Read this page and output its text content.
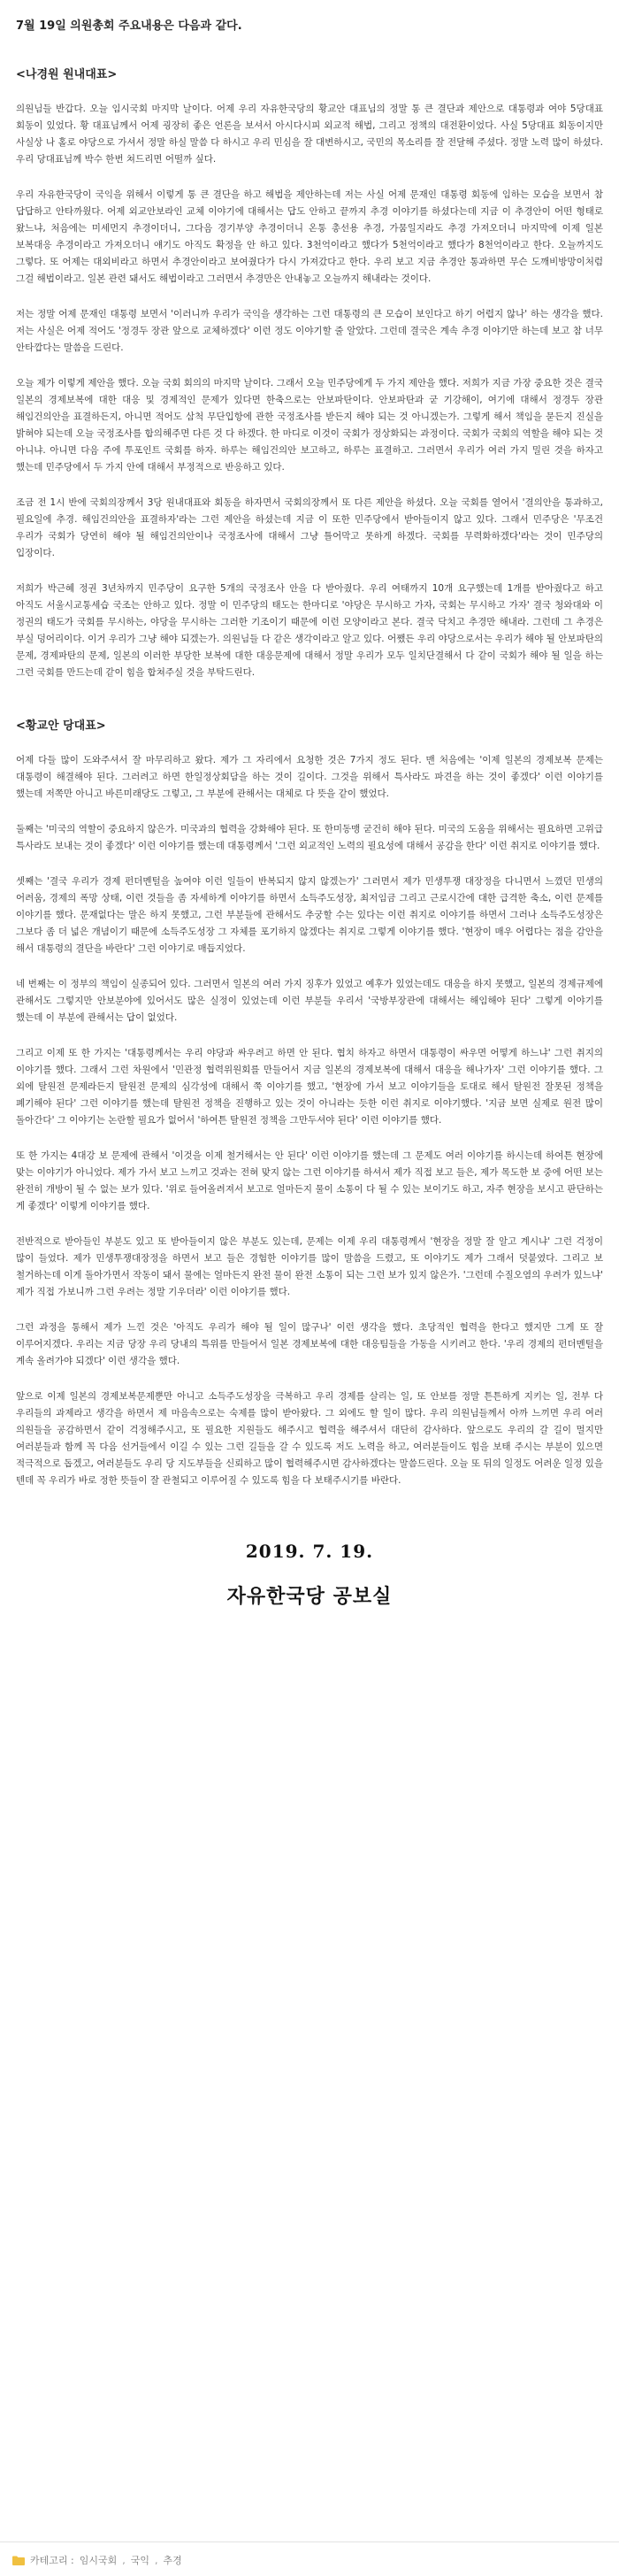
7월 19일 의원총회 주요내용은 다음과 같다.
<나경원 원내대표>

의원님들 반갑다. 오늘 임시국회 마지막 날이다. 어제 우리 자유한국당의 황교안 대표님의 정말 통 큰 결단과 제안으로 대통령과 여야 5당대표 회동이 있었다. 황 대표님께서 어제 굉장히 좋은 언론을 보셔서 아시다시피 외교적 해법, 그리고 정책의 대전환이었다. 사실 5당대표 회동이지만 사실상 나 홀로 야당으로 가셔서 정말 하실 말씀 다 하시고 우리 민심을 잘 대변하시고, 국민의 목소리를 잘 전달해 주셨다. 정말 노력 많이 하셨다. 우리 당대표님께 박수 한번 쳐드리면 어떨까 싶다.

우리 자유한국당이 국익을 위해서 이렇게 통 큰 결단을 하고 해법을 제안하는데 저는 사실 어제 문재인 대통령 회동에 임하는 모습을 보면서 참 답답하고 안타까웠다. 어제 외교안보라인 교체 이야기에 대해서는 답도 안하고 끝까지 추경 이야기를 하셨다는데 지금 이 추경안이 어떤 형태로 왔느냐, 처음에는 미세먼지 추경이더니, 그다음 경기부양 추경이더니 온통 총선용 추경, 가뭄일지라도 추경 가져오더니 마지막에 이제 일본 보복대응 추경이라고 가져오더니 얘기도 아직도 확정을 안 하고 있다. 3천억이라고 했다가 5천억이라고 했다가 8천억이라고 한다. 오늘까지도 그렇다. 또 어제는 대외비라고 하면서 추경안이라고 보여줬다가 다시 가져갔다고 한다. 우리 보고 지금 추경안 통과하면 무슨 도깨비방망이처럼 그걸 해법이라고. 일본 관련 돼서도 해법이라고 그러면서 추경만은 안내놓고 오늘까지 해내라는 것이다.

저는 정말 어제 문재인 대통령 보면서 '이러니까 우리가 국익을 생각하는 그런 대통령의 큰 모습이 보인다고 하기 어렵지 않나' 하는 생각을 했다. 저는 사실은 어제 적어도 '정경두 장관 앞으로 교체하겠다' 이런 정도 이야기할 줄 알았다. 그런데 결국은 계속 추경 이야기만 하는데 보고 참 너무 안타깝다는 말씀을 드린다.

오늘 제가 이렇게 제안을 했다. 오늘 국회 회의의 마지막 날이다. 그래서 오늘 민주당에게 두 가지 제안을 했다. 저희가 지금 가장 중요한 것은 결국 일본의 경제보복에 대한 대응 및 경제적인 문제가 있다면 한축으로는 안보파탄이다. 안보파탄과 굳 기강해이, 여기에 대해서 정경두 장관 해임건의안을 표결하든지, 아니면 적어도 삼척 무단입항에 관한 국정조사를 받든지 해야 되는 것 아니겠는가. 그렇게 해서 책임을 묻든지 진실을 밝혀야 되는데 오늘 국정조사를 합의해주면 다른 것 다 하겠다. 한 마디로 이것이 국회가 정상화되는 과정이다. 국회가 국회의 역할을 해야 되는 것 아니냐. 아니면 다음 주에 투포인트 국회를 하자. 하루는 해임건의안 보고하고, 하루는 표결하고. 그러면서 우리가 여러 가지 밀린 것을 하자고 했는데 민주당에서 두 가지 안에 대해서 부정적으로 반응하고 있다.

조금 전 1시 반에 국회의장께서 3당 원내대표와 회동을 하자면서 국회의장께서 또 다른 제안을 하셨다. 오늘 국회를 열어서 '결의안을 통과하고, 필요일에 추경. 해임건의안을 표결하자'라는 그런 제안을 하셨는데 지금 이 또한 민주당에서 받아들이지 않고 있다. 그래서 민주당은 '무조건 우리가 국회가 당연히 해야 될 해임건의안이나 국정조사에 대해서 그냥 틀어막고 못하게 하겠다. 국회를 무력화하겠다'라는 것이 민주당의 입장이다.

저희가 박근혜 정권 3년차까지 민주당이 요구한 5개의 국정조사 안을 다 받아줬다. 우리 여태까지 10개 요구했는데 1개를 받아줬다고 하고 아직도 서울시교통세습 국조는 안하고 있다. 정말 이 민주당의 태도는 한마디로 '야당은 무시하고 가자, 국회는 무시하고 가자' 결국 청와대와 이 정권의 태도가 국회를 무시하는, 야당을 무시하는 그러한 기조이기 때문에 이런 모양이라고 본다. 결국 닥치고 추경만 해내라. 그런데 그 추경은 부실 덩어리이다. 이거 우리가 그냥 해야 되겠는가. 의원님들 다 같은 생각이라고 알고 있다. 어쨌든 우리 야당으로서는 우리가 해야 될 안보파탄의 문제, 경제파탄의 문제, 일본의 이러한 부당한 보복에 대한 대응문제에 대해서 정말 우리가 모두 일치단결해서 다 같이 국회가 해야 될 일을 하는 그런 국회를 만드는데 같이 힘을 합쳐주실 것을 부탁드린다.

<황교안 당대표>

어제 다들 많이 도와주셔서 잘 마무리하고 왔다. 제가 그 자리에서 요청한 것은 7가지 정도 된다. 맨 처음에는 '이제 일본의 경제보복 문제는 대통령이 해결해야 된다. 그러려고 하면 한일정상회담을 하는 것이 길이다. 그것을 위해서 특사라도 파견을 하는 것이 좋겠다' 이런 이야기를 했는데 저쪽만 아니고 바른미래당도 그렇고, 그 부분에 관해서는 대체로 다 뜻을 같이 했었다.

둘째는 '미국의 역할이 중요하지 않은가. 미국과의 협력을 강화해야 된다. 또 한미동맹 굳건히 해야 된다. 미국의 도움을 위해서는 필요하면 고위급 특사라도 보내는 것이 좋겠다' 이런 이야기를 했는데 대통령께서 '그런 외교적인 노력의 필요성에 대해서 공감을 한다' 이런 취지로 이야기를 했다.

셋째는 '결국 우리가 경제 펀더멘털을 높여야 이런 일들이 반복되지 않지 않겠는가' 그러면서 제가 민생투쟁 대장정을 다니면서 느꼈던 민생의 어려움, 경제의 폭망 상태, 이런 것들을 좀 자세하게 이야기를 하면서 소득주도성장, 최저임금 그리고 근로시간에 대한 급격한 축소, 이런 문제를 이야기를 했다. 문재없다는 말은 하지 못했고, 그런 부분들에 관해서도 추궁할 수는 있다는 이런 취지로 이야기를 하면서 그러나 소득주도성장은 그보다 좀 더 넓은 개념이기 때문에 소득주도성장 그 자체를 포기하지 않겠다는 취지로 그렇게 이야기를 했다. '현장이 매우 어렵다는 점을 감안을 해서 대통령의 결단을 바란다' 그런 이야기로 매듭지었다.

네 번째는 이 정부의 책임이 실종되어 있다. 그러면서 일본의 여러 가지 징후가 있었고 예후가 있었는데도 대응을 하지 못했고, 일본의 경제규제에 관해서도 그렇지만 안보분야에 있어서도 많은 실정이 있었는데 이런 부분들 우리서 '국방부장관에 대해서는 해임해야 된다' 그렇게 이야기를 했는데 이 부분에 관해서는 답이 없었다.

그리고 이제 또 한 가지는 '대통령께서는 우리 야당과 싸우려고 하면 안 된다. 협치 하자고 하면서 대통령이 싸우면 어떻게 하느냐' 그런 취지의 이야기를 했다. 그래서 그런 차원에서 '민관정 협력위원회를 만들어서 지금 일본의 경제보복에 대해서 대응을 해나가자' 그런 이야기를 했다. 그 외에 탈원전 문제라든지 탈원전 문제의 심각성에 대해서 쭉 이야기를 했고, '현장에 가서 보고 이야기들을 토대로 해서 탈원전 잘못된 정책을 폐기해야 된다' 그런 이야기를 했는데 탈원전 정책을 진행하고 있는 것이 아니라는 듯한 이런 취지로 이야기했다. '지금 보면 실제로 원전 많이 돌아간다' 그 이야기는 논란할 필요가 없어서 '하여튼 탈원전 정책을 그만두셔야 된다' 이런 이야기를 했다.

또 한 가지는 4대강 보 문제에 관해서 '이것을 이제 철거해서는 안 된다' 이런 이야기를 했는데 그 문제도 여러 이야기를 하시는데 하여튼 현장에 맞는 이야기가 아니었다. 제가 가서 보고 느끼고 것과는 전혀 맞지 않는 그런 이야기를 하셔서 제가 직접 보고 들은, 제가 목도한 보 중에 어떤 보는 완전히 개방이 될 수 없는 보가 있다. '위로 들어올려져서 보고로 얼마든지 물이 소통이 다 될 수 있는 보이기도 하고, 자주 현장을 보시고 판단하는 게 좋겠다' 이렇게 이야기를 했다.

전반적으로 받아들인 부분도 있고 또 받아들이지 않은 부분도 있는데, 문제는 이제 우리 대통령께서 '현장을 정말 잘 알고 계시냐' 그런 걱정이 많이 들었다. 제가 민생투쟁대장정을 하면서 보고 들은 경험한 이야기를 많이 말씀을 드렸고, 또 이야기도 제가 그래서 덧붙였다. 그리고 보 철거하는데 이게 돌아가면서 작동이 돼서 물에는 얼마든지 완전 물이 완전 소통이 되는 그런 보가 있지 않은가. '그런데 수질오염의 우려가 있느냐' 제가 직접 가보니까 그런 우려는 정말 기우더라' 이런 이야기를 했다.

그런 과정을 통해서 제가 느낀 것은 '아직도 우리가 해야 될 일이 많구나' 이런 생각을 했다. 초당적인 협력을 한다고 했지만 그게 또 잘 이루어지겠다. 우리는 지금 당장 우리 당내의 특위를 만들어서 일본 경제보복에 대한 대응팀들을 가동을 시키려고 한다. '우리 경제의 펀더멘털을 계속 올려가야 되겠다' 이런 생각을 했다.

앞으로 이제 일본의 경제보복문제뿐만 아니고 소득주도성장을 극복하고 우리 경제를 살리는 일, 또 안보를 정말 튼튼하게 지키는 일, 전부 다 우리들의 과제라고 생각을 하면서 제 마음속으로는 숙제를 많이 받아왔다. 그 외에도 할 일이 많다. 우리 의원님들께서 아까 느끼면 우리 여러 의원들을 공감하면서 같이 걱정해주시고, 또 필요한 지원들도 해주시고 협력을 해주셔서 대단히 감사하다. 앞으로도 우리의 갈 길이 멀지만 여러분들과 함께 꼭 다음 선거들에서 이길 수 있는 그런 길들을 갈 수 있도록 저도 노력을 하고, 여러분들이도 힘을 보태 주시는 부분이 있으면 적극적으로 돕겠고, 여러분들도 우리 당 지도부들을 신뢰하고 많이 협력해주시면 감사하겠다는 말씀드린다. 오늘 또 뒤의 일정도 어려운 일정 있을 텐데 꼭 우리가 바로 정한 뜻들이 잘 관철되고 이루어질 수 있도록 힘을 다 보태주시기를 바란다.

2019. 7. 19.
자유한국당 공보실
카테고리 : 임시국회 , 국익 , 추경
